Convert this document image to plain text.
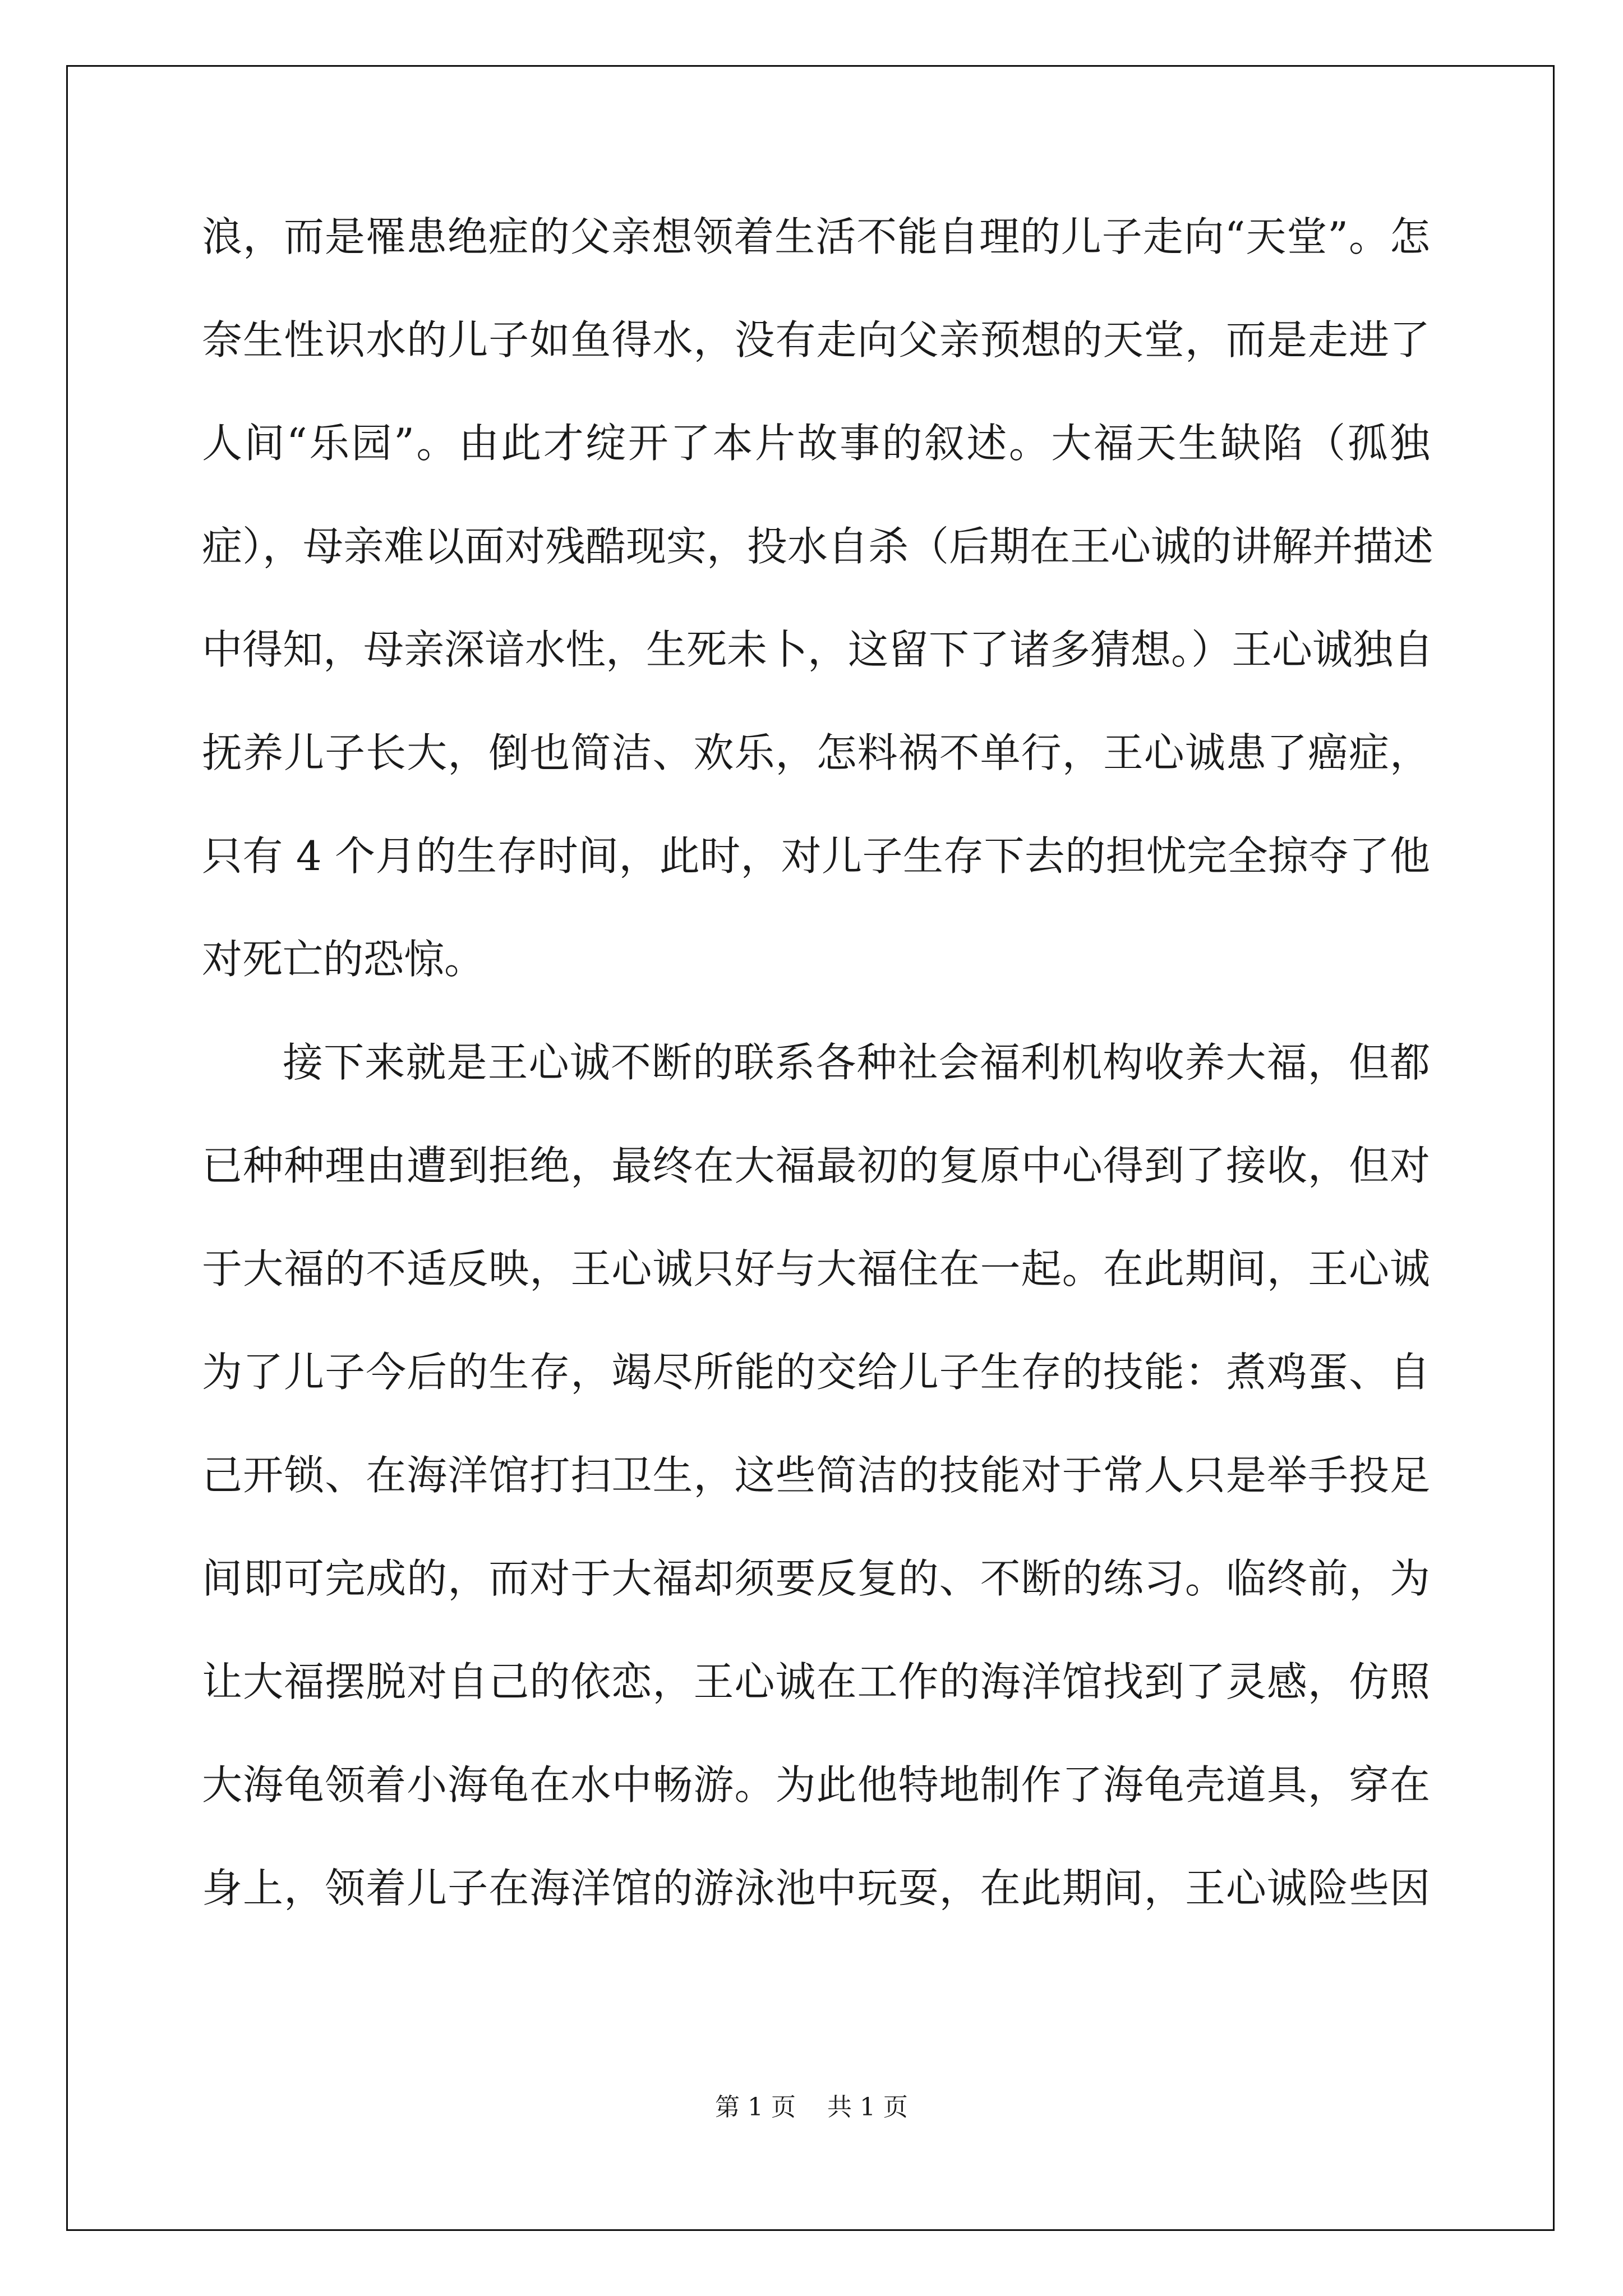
浪，而是罹患绝症的父亲想领着生活不能自理的儿子走向“天堂”。怎
奈生性识水的儿子如鱼得水，没有走向父亲预想的天堂，而是走进了
人间“乐园”。由此才绽开了本片故事的叙述。大福天生缺陷（孤独
症），母亲难以面对残酷现实，投水自杀（后期在王心诚的讲解并描述
中得知，母亲深谙水性，生死未卜，这留下了诸多猜想。）王心诚独自
抚养儿子长大，倒也简洁、欢乐，怎料祸不单行，王心诚患了癌症，
只有 4 个月的生存时间，此时，对儿子生存下去的担忧完全掠夺了他
对死亡的恐惊。
接下来就是王心诚不断的联系各种社会福利机构收养大福，但都
已种种理由遭到拒绝，最终在大福最初的复原中心得到了接收，但对
于大福的不适反映，王心诚只好与大福住在一起。在此期间，王心诚
为了儿子今后的生存，竭尽所能的交给儿子生存的技能：煮鸡蛋、自
己开锁、在海洋馆打扫卫生，这些简洁的技能对于常人只是举手投足
间即可完成的，而对于大福却须要反复的、不断的练习。临终前，为
让大福摆脱对自己的依恋，王心诚在工作的海洋馆找到了灵感，仿照
大海龟领着小海龟在水中畅游。为此他特地制作了海龟壳道具，穿在
身上，领着儿子在海洋馆的游泳池中玩耍，在此期间，王心诚险些因
第 1 页 共 1 页
